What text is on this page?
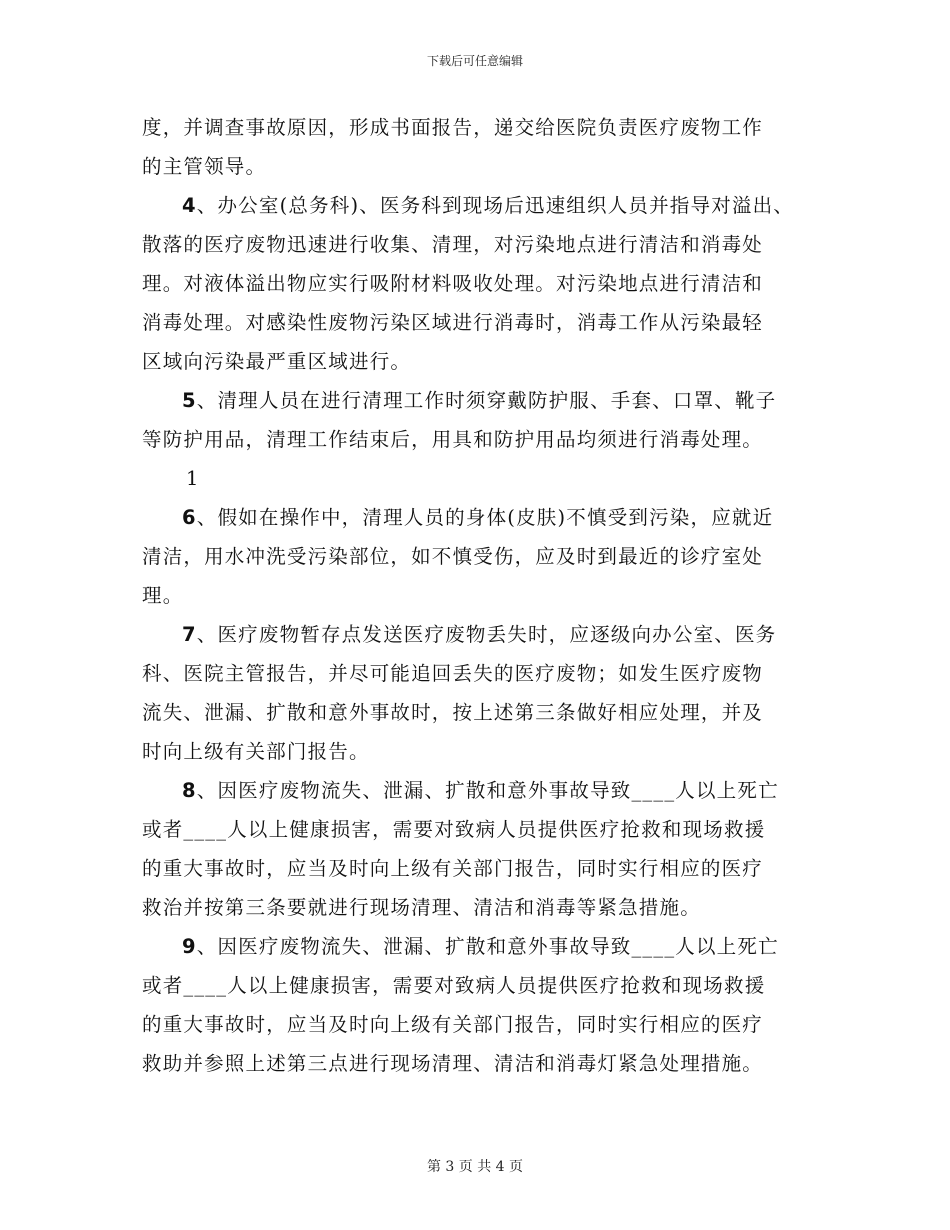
下载后可任意编辑
度，并调查事故原因，形成书面报告，递交给医院负责医疗废物工作
的主管领导。
4、办公室(总务科)、医务科到现场后迅速组织人员并指导对溢出、
散落的医疗废物迅速进行收集、清理，对污染地点进行清洁和消毒处
理。对液体溢出物应实行吸附材料吸收处理。对污染地点进行清洁和
消毒处理。对感染性废物污染区域进行消毒时，消毒工作从污染最轻
区域向污染最严重区域进行。
5、清理人员在进行清理工作时须穿戴防护服、手套、口罩、靴子
等防护用品，清理工作结束后，用具和防护用品均须进行消毒处理。
1
6、假如在操作中，清理人员的身体(皮肤)不慎受到污染，应就近
清洁，用水冲洗受污染部位，如不慎受伤，应及时到最近的诊疗室处
理。
7、医疗废物暂存点发送医疗废物丢失时，应逐级向办公室、医务
科、医院主管报告，并尽可能追回丢失的医疗废物；如发生医疗废物
流失、泄漏、扩散和意外事故时，按上述第三条做好相应处理，并及
时向上级有关部门报告。
8、因医疗废物流失、泄漏、扩散和意外事故导致____人以上死亡
或者____人以上健康损害，需要对致病人员提供医疗抢救和现场救援
的重大事故时，应当及时向上级有关部门报告，同时实行相应的医疗
救治并按第三条要就进行现场清理、清洁和消毒等紧急措施。
9、因医疗废物流失、泄漏、扩散和意外事故导致____人以上死亡
或者____人以上健康损害，需要对致病人员提供医疗抢救和现场救援
的重大事故时，应当及时向上级有关部门报告，同时实行相应的医疗
救助并参照上述第三点进行现场清理、清洁和消毒灯紧急处理措施。
第 3 页 共 4 页
